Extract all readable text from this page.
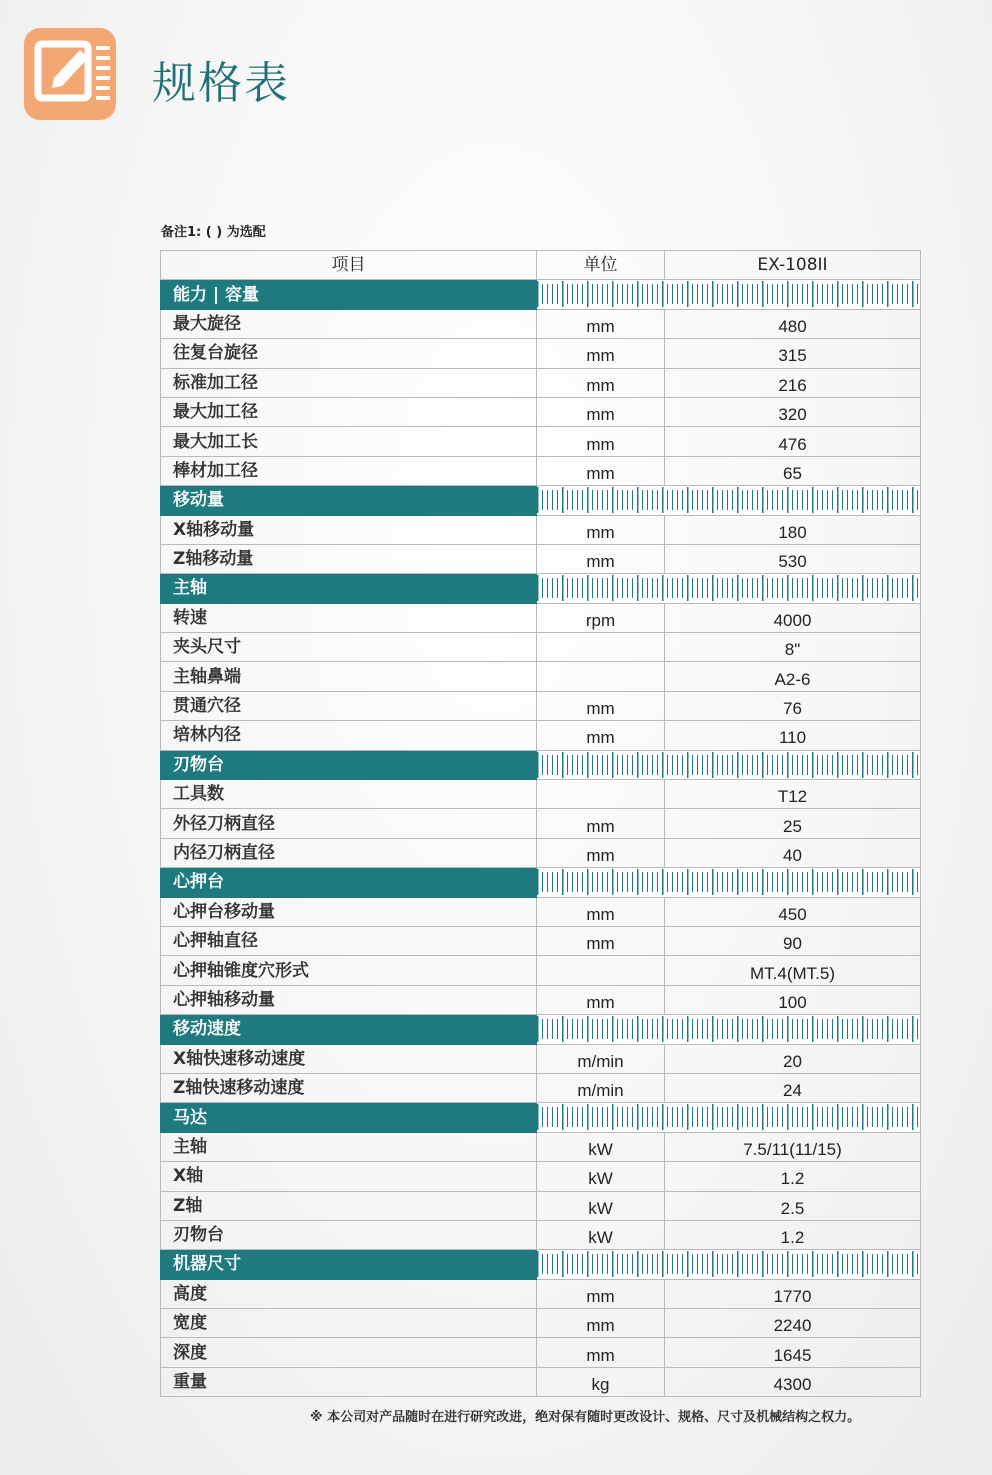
规格表
备注1: ( ) 为选配
项目	单位	EX-108II
能力 | 容量		

最大旋径	mm	480
往复台旋径	mm	315
标准加工径	mm	216
最大加工径	mm	320
最大加工长	mm	476
棒材加工径	mm	65
移动量		

X轴移动量	mm	180
Z轴移动量	mm	530
主轴		

转速	rpm	4000
夹头尺寸		8"
主轴鼻端		A2-6
贯通穴径	mm	76
培林内径	mm	110
刃物台		

工具数		T12
外径刀柄直径	mm	25
内径刀柄直径	mm	40
心押台		

心押台移动量	mm	450
心押轴直径	mm	90
心押轴锥度穴形式		MT.4(MT.5)
心押轴移动量	mm	100
移动速度		

X轴快速移动速度	m/min	20
Z轴快速移动速度	m/min	24
马达		

主轴	kW	7.5/11(11/15)
X轴	kW	1.2
Z轴	kW	2.5
刃物台	kW	1.2
机器尺寸		

高度	mm	1770
宽度	mm	2240
深度	mm	1645
重量	kg	4300
※ 本公司对产品随时在进行研究改进，绝对保有随时更改设计、规格、尺寸及机械结构之权力。
